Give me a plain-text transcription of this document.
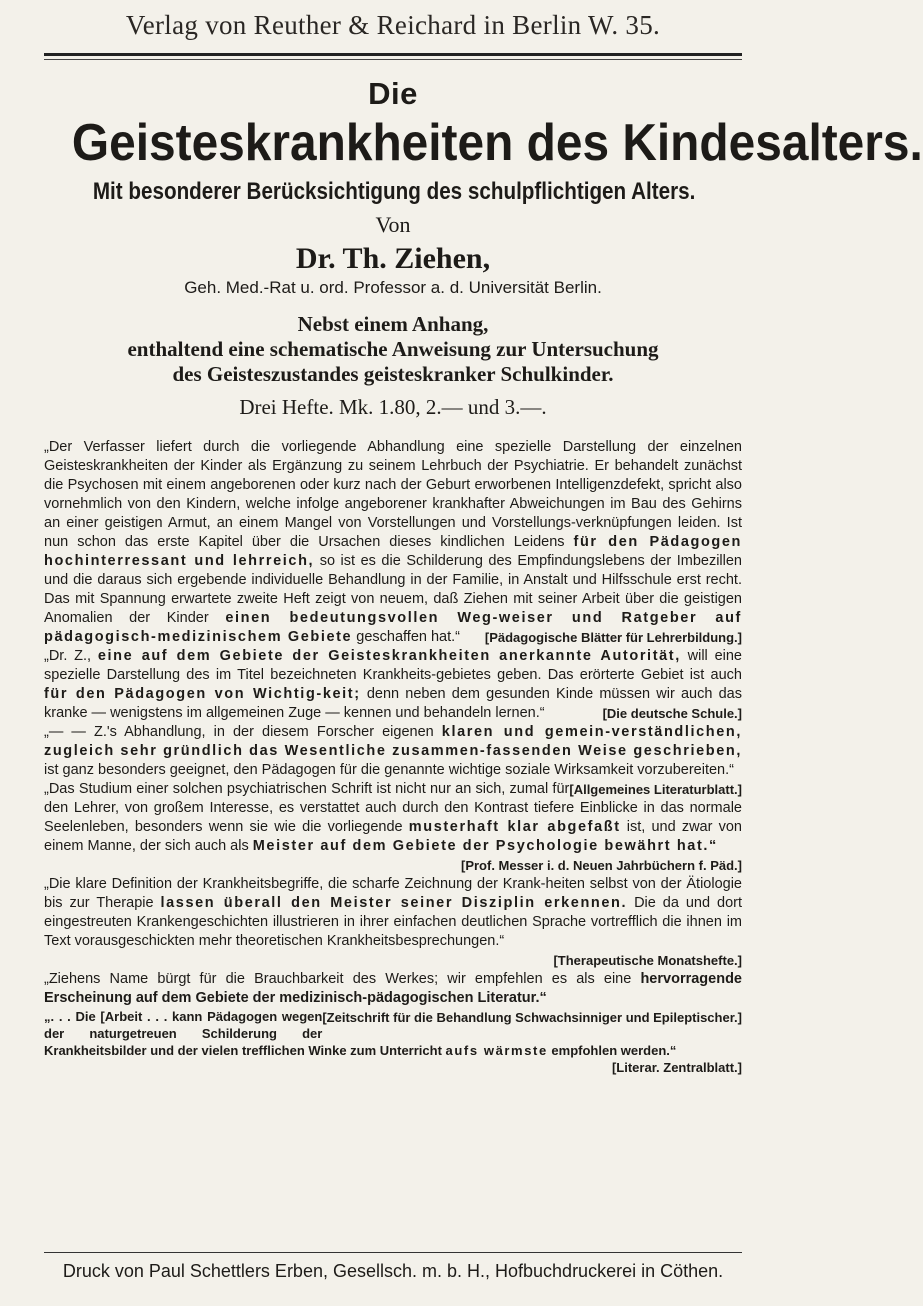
Verlag von Reuther & Reichard in Berlin W. 35.

Die
Geisteskrankheiten des Kindesalters.
Mit besonderer Berücksichtigung des schulpflichtigen Alters.
Von
Dr. Th. Ziehen,
Geh. Med.-Rat u. ord. Professor a. d. Universität Berlin.
Nebst einem Anhang,
enthaltend eine schematische Anweisung zur Untersuchung
des Geisteszustandes geisteskranker Schulkinder.
Drei Hefte. Mk. 1.80, 2.— und 3.—.

„Der Verfasser liefert durch die vorliegende Abhandlung eine spezielle Darstellung der einzelnen Geisteskrankheiten der Kinder als Ergänzung zu seinem Lehrbuch der Psychiatrie. Er behandelt zunächst die Psychosen mit einem angeborenen oder kurz nach der Geburt erworbenen Intelligenzdefekt, spricht also vornehmlich von den Kindern, welche infolge angeborener krankhafter Abweichungen im Bau des Gehirns an einer geistigen Armut, an einem Mangel von Vorstellungen und Vorstellungs-verknüpfungen leiden. Ist nun schon das erste Kapitel über die Ursachen dieses kindlichen Leidens für den Pädagogen hochinterressant und lehrreich, so ist es die Schilderung des Empfindungslebens der Imbezillen und die daraus sich ergebende individuelle Behandlung in der Familie, in Anstalt und Hilfsschule erst recht. Das mit Spannung erwartete zweite Heft zeigt von neuem, daß Ziehen mit seiner Arbeit über die geistigen Anomalien der Kinder einen bedeutungsvollen Weg-weiser und Ratgeber auf pädagogisch-medizinischem Gebiete geschaffen hat.“ [Pädagogische Blätter für Lehrerbildung.]

„Dr. Z., eine auf dem Gebiete der Geisteskrankheiten anerkannte Autorität, will eine spezielle Darstellung des im Titel bezeichneten Krankheits-gebietes geben. Das erörterte Gebiet ist auch für den Pädagogen von Wichtig-keit; denn neben dem gesunden Kinde müssen wir auch das kranke — wenigstens im allgemeinen Zuge — kennen und behandeln lernen.“	[Die deutsche Schule.]

„— — Z.'s Abhandlung, in der diesem Forscher eigenen klaren und gemein-verständlichen, zugleich sehr gründlich das Wesentliche zusammen-fassenden Weise geschrieben, ist ganz besonders geeignet, den Pädagogen für die genannte wichtige soziale Wirksamkeit vorzubereiten.“
[Allgemeines Literaturblatt.]

„Das Studium einer solchen psychiatrischen Schrift ist nicht nur an sich, zumal für den Lehrer, von großem Interesse, es verstattet auch durch den Kontrast tiefere Einblicke in das normale Seelenleben, besonders wenn sie wie die vorliegende musterhaft klar abgefaßt ist, und zwar von einem Manne, der sich auch als Meister auf dem Gebiete der Psychologie bewährt hat.“
[Prof. Messer i. d. Neuen Jahrbüchern f. Päd.]

„Die klare Definition der Krankheitsbegriffe, die scharfe Zeichnung der Krank-heiten selbst von der Ätiologie bis zur Therapie lassen überall den Meister seiner Disziplin erkennen. Die da und dort eingestreuten Krankengeschichten illustrieren in ihrer einfachen deutlichen Sprache vortrefflich die ihnen im Text vorausgeschickten mehr theoretischen Krankheitsbesprechungen.“
[Therapeutische Monatshefte.]

„Ziehens Name bürgt für die Brauchbarkeit des Werkes; wir empfehlen es als eine hervorragende Erscheinung auf dem Gebiete der medizinisch-pädagogischen Literatur.“
[Zeitschrift für die Behandlung Schwachsinniger und Epileptischer.]

„. . . Die [Arbeit . . . kann Pädagogen wegen der naturgetreuen Schilderung der Krankheitsbilder und der vielen trefflichen Winke zum Unterricht aufs wärmste empfohlen werden.“
[Literar. Zentralblatt.]

Druck von Paul Schettlers Erben, Gesellsch. m. b. H., Hofbuchdruckerei in Cöthen.
